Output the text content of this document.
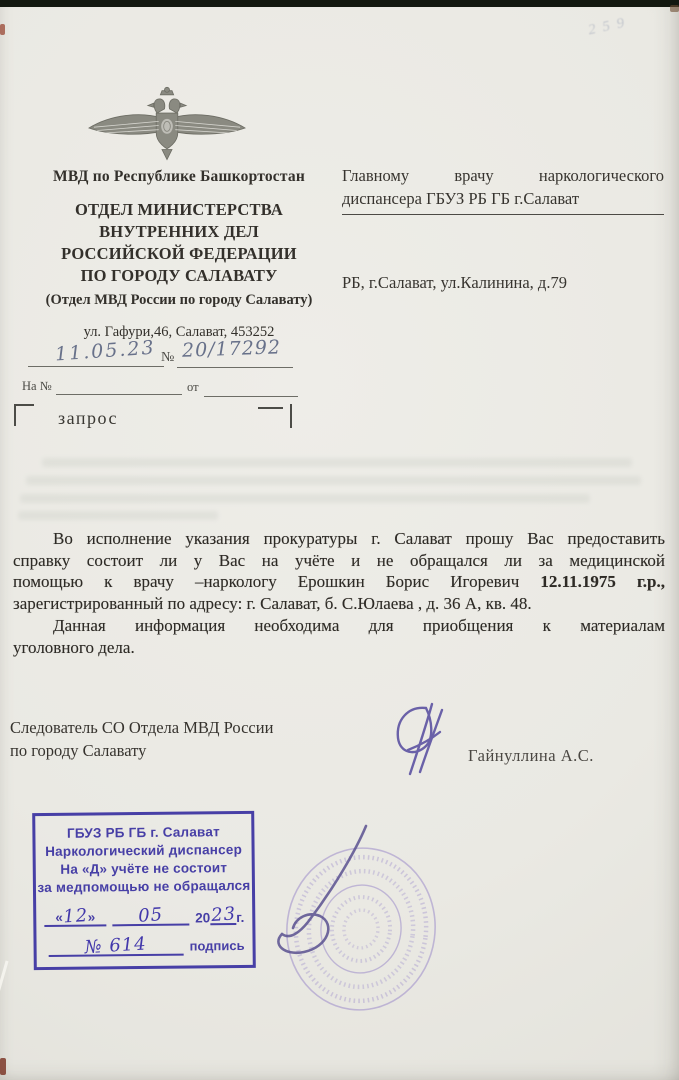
259
МВД по Республике Башкортостан
ОТДЕЛ МИНИСТЕРСТВА
ВНУТРЕННИХ ДЕЛ
РОССИЙСКОЙ ФЕДЕРАЦИИ
ПО ГОРОДУ САЛАВАТУ
(Отдел МВД России по городу Салавату)
ул. Гафури,46, Салават, 453252
Главному врачу наркологического
диспансера ГБУЗ РБ ГБ г.Салават
РБ, г.Салават, ул.Калинина, д.79
11.05.23 № 20/17292
На №	от
запрос
Во исполнение указания прокуратуры г. Салават прошу Вас предоставить
справку состоит ли у Вас на учёте и не обращался ли за медицинской
помощью к врачу –наркологу Ерошкин Борис Игоревич 12.11.1975 г.р.,
зарегистрированный по адресу: г. Салават, б. С.Юлаева , д. 36 А, кв. 48.
Данная информация необходима для приобщения к материалам
уголовного дела.
Следователь СО Отдела МВД России
по городу Салавату	Гайнуллина А.С.
ГБУЗ РБ ГБ г. Салават
Наркологический диспансер
На «Д» учёте не состоит
за медпомощью не обращался
« 12 » 05 20 23 г.
№ 614	подпись
